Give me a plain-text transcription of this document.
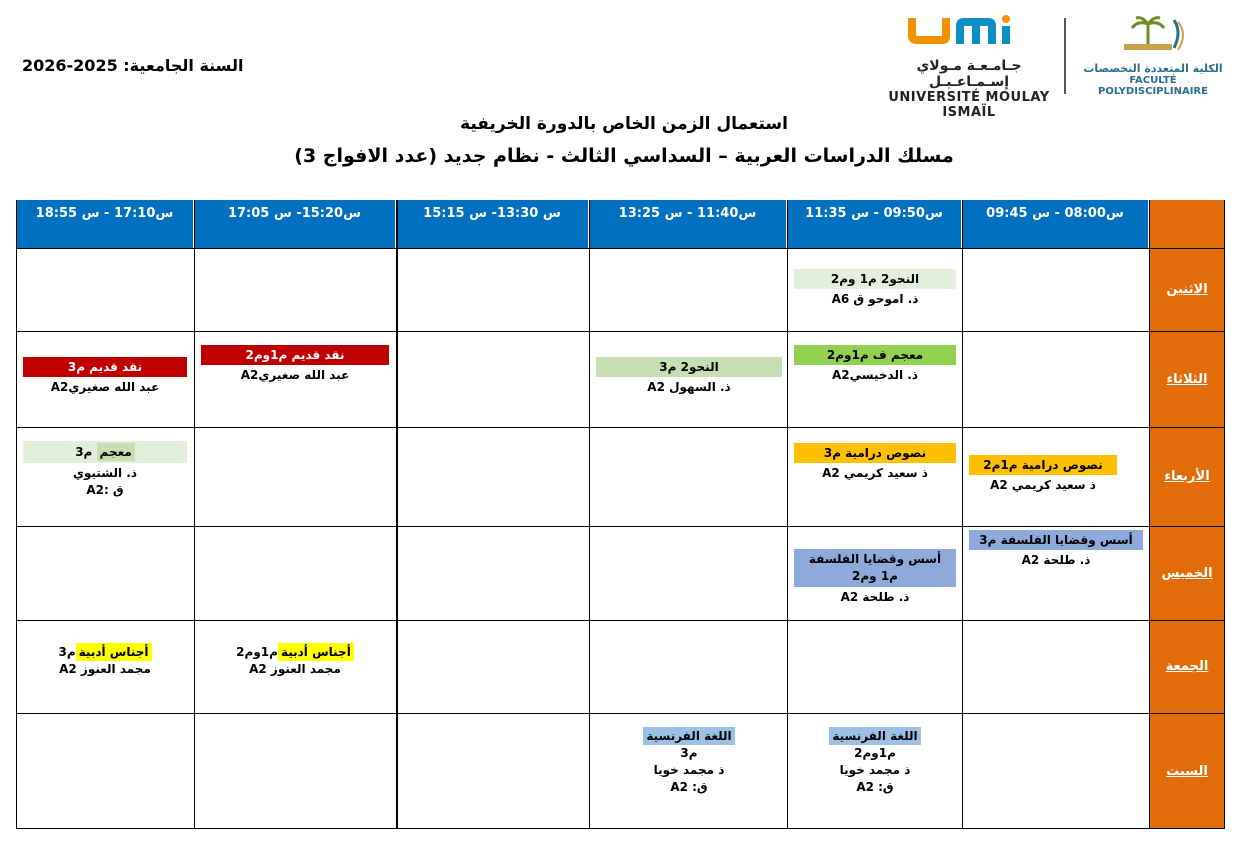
السنة الجامعية: 2025-2026	جـامـعـة مـولاي إسـمـاعـيـل
UNIVERSITÉ MOULAY ISMAÏL
الكلية المتعددة التخصصات
FACULTÉ POLYDISCIPLINAIRE
استعمال الزمن الخاص بالدورة الخريفية
مسلك الدراسات العربية – السداسي الثالث - نظام جديد (عدد الافواج 3)
س08:00 - س 09:45
س09:50 - س 11:35
س11:40 - س 13:25
س 13:30- س 15:15
س15:20- س 17:05
س17:10 - س 18:55
الاثنين
الثلاثاء
الأربعاء
الخميس
الجمعة
السبت
النحو2 م1 وم2
ذ. اموحو ق A6
معجم ف م1وم2
ذ. الدخيسيA2
النحو2 م3
ذ. السهول A2
نقد قديم م1وم2
عبد الله صغيريA2
نقد قديم م3
عبد الله صغيريA2
نصوص درامية م1م2
ذ سعيد كريمي A2
نصوص درامية م3
ذ سعيد كريمي A2
معجم م3
ذ. الشتيوي
ق :A2
أسس وقضايا الفلسفة م3
ذ. طلحة A2
أسس وقضايا الفلسفة
م1 وم2
ذ. طلحة A2
أجناس أدبيةم1وم2
مجمد العنوز A2
أجناس أدبيةم3
مجمد العنوز A2
اللغة الفرنسية
م1وم2
ذ مجمد خويا
ق: A2
اللغة الفرنسية
م3
ذ مجمد خويا
ق: A2
